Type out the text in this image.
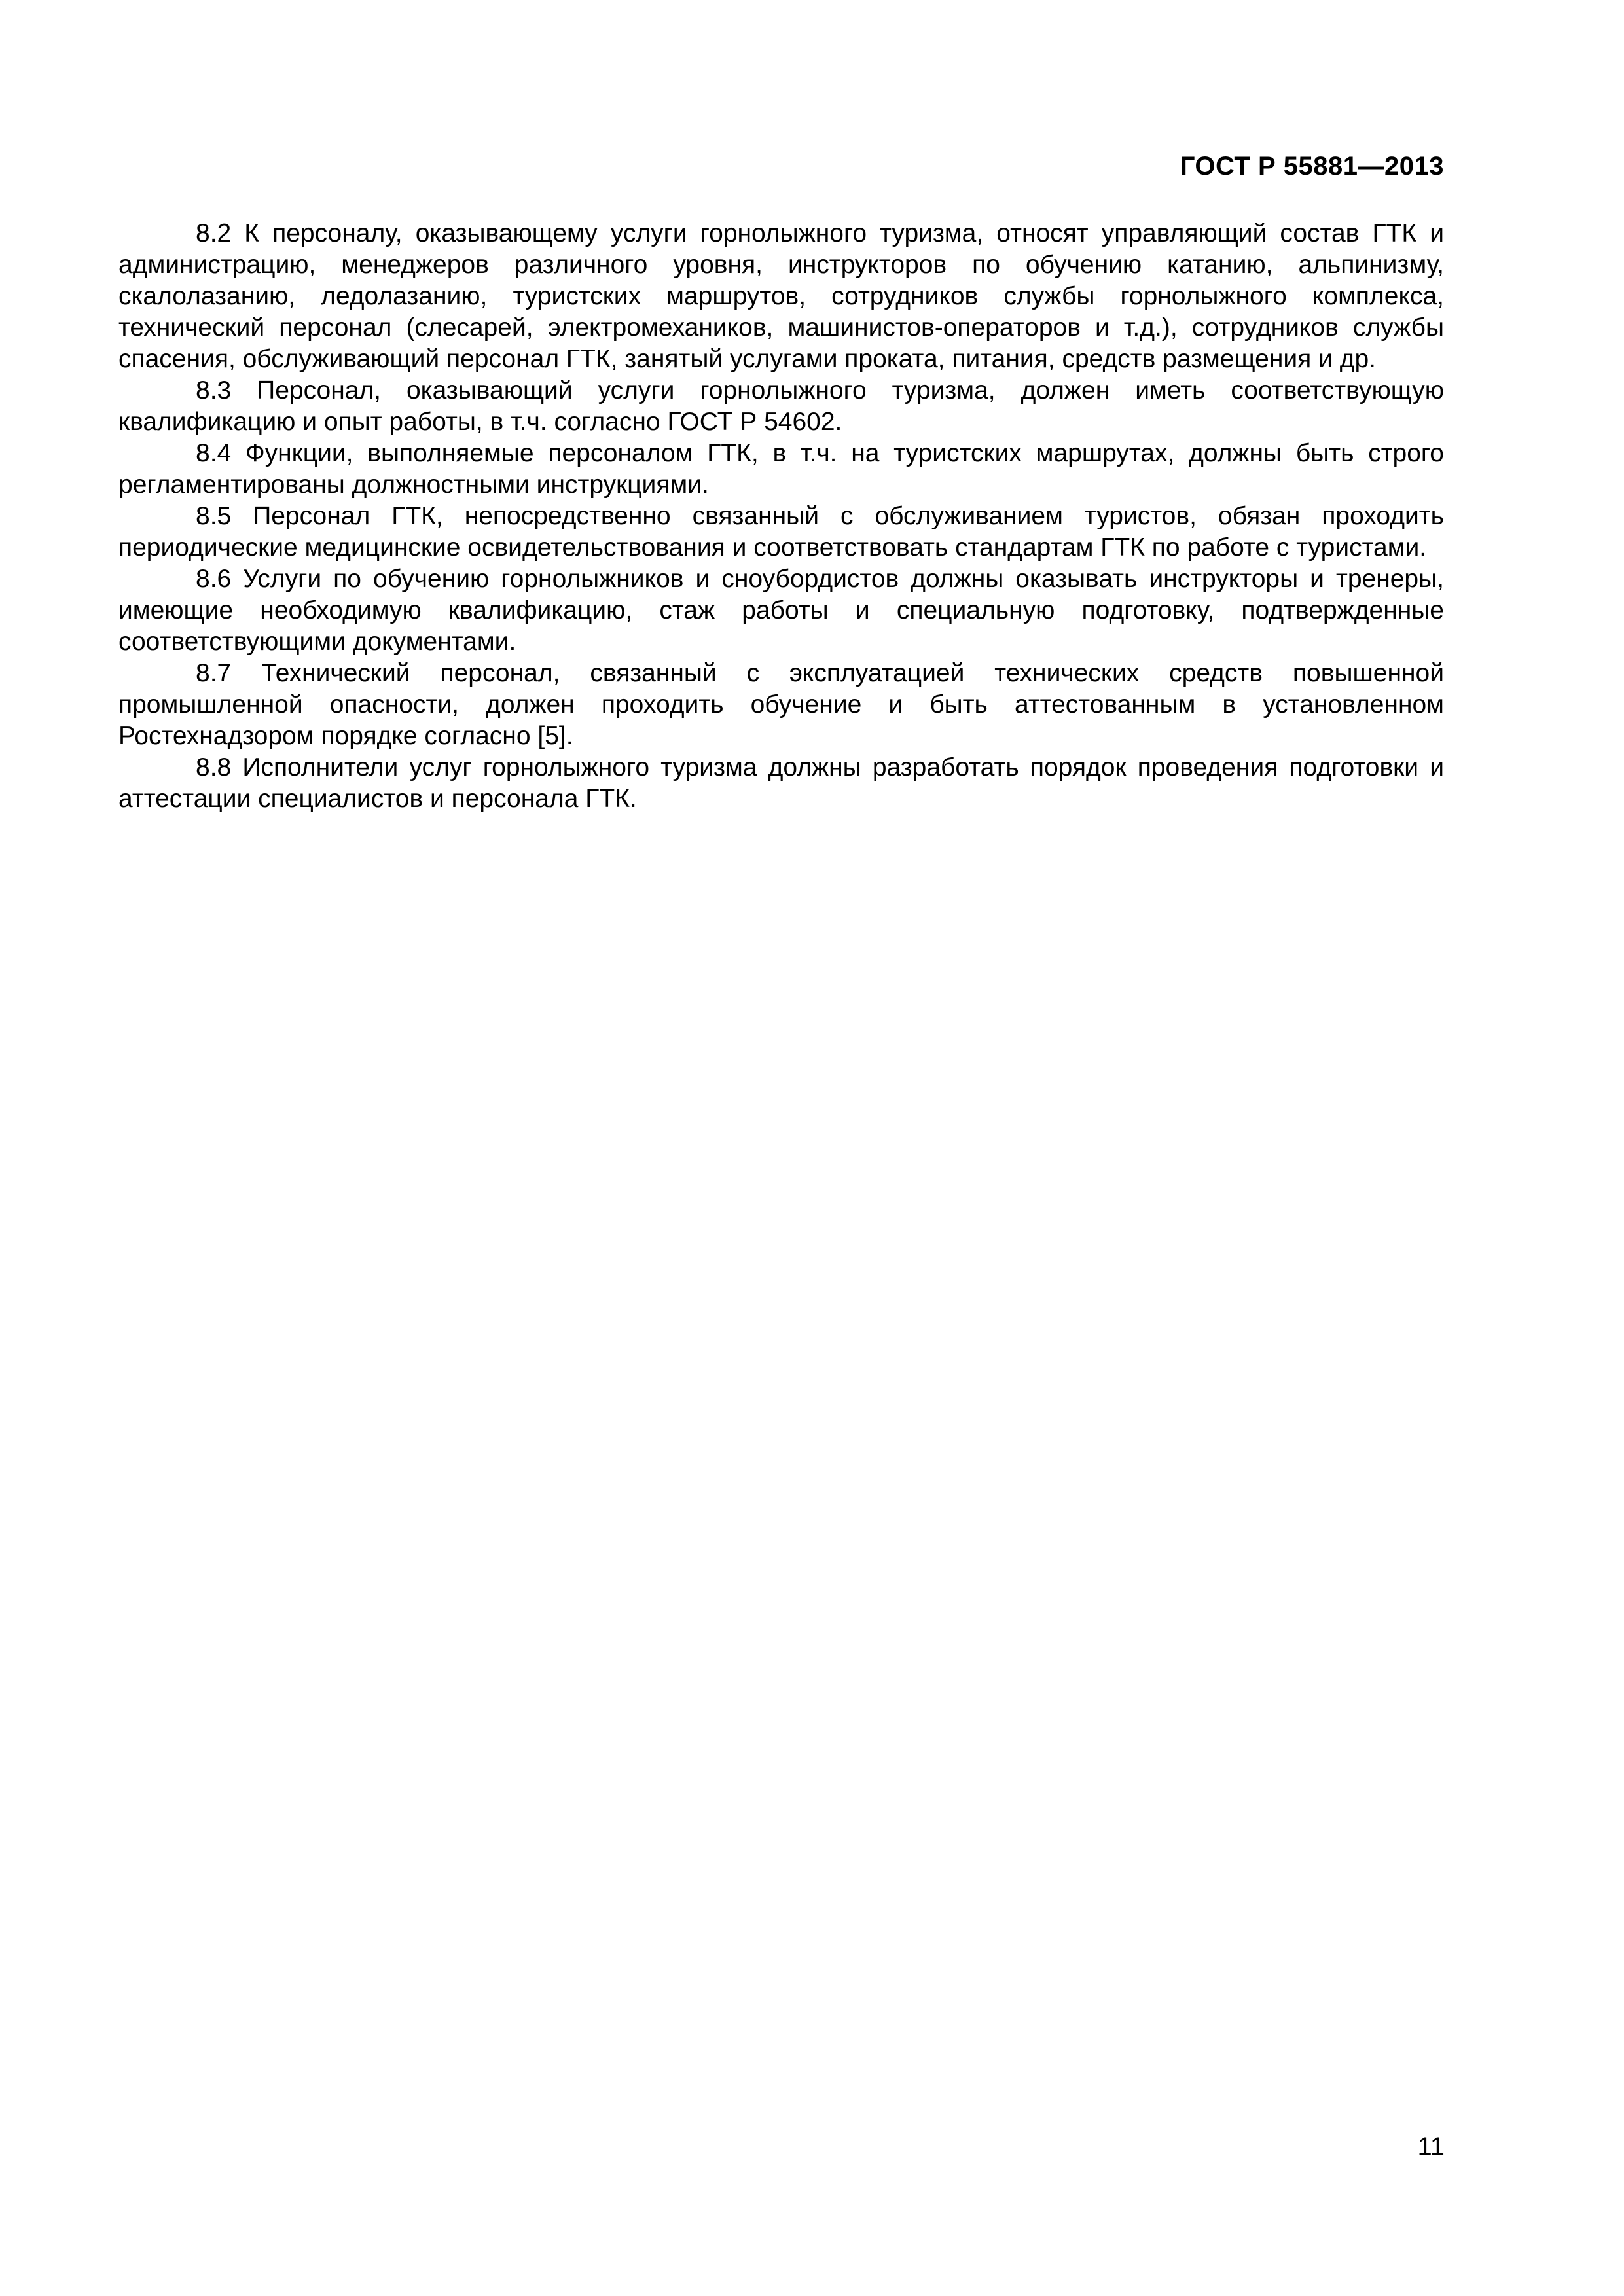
ГОСТ Р 55881—2013

8.2 К персоналу, оказывающему услуги горнолыжного туризма, относят управляющий состав ГТК и администрацию, менеджеров различного уровня, инструкторов по обучению катанию, альпинизму, скалолазанию, ледолазанию, туристских маршрутов, сотрудников службы горнолыжного комплекса, технический персонал (слесарей, электромехаников, машинистов-операторов и т.д.), сотрудников службы спасения, обслуживающий персонал ГТК, занятый услугами проката, питания, средств размещения и др.

8.3 Персонал, оказывающий услуги горнолыжного туризма, должен иметь соответствующую квалификацию и опыт работы, в т.ч. согласно ГОСТ Р 54602.

8.4 Функции, выполняемые персоналом ГТК, в т.ч. на туристских маршрутах, должны быть строго регламентированы должностными инструкциями.

8.5 Персонал ГТК, непосредственно связанный с обслуживанием туристов, обязан проходить периодические медицинские освидетельствования и соответствовать стандартам ГТК по работе с туристами.

8.6 Услуги по обучению горнолыжников и сноубордистов должны оказывать инструкторы и тренеры, имеющие необходимую квалификацию, стаж работы и специальную подготовку, подтвержденные соответствующими документами.

8.7 Технический персонал, связанный с эксплуатацией технических средств повышенной промышленной опасности, должен проходить обучение и быть аттестованным в установленном Ростехнадзором порядке согласно [5].

8.8 Исполнители услуг горнолыжного туризма должны разработать порядок проведения подготовки и аттестации специалистов и персонала ГТК.

11
